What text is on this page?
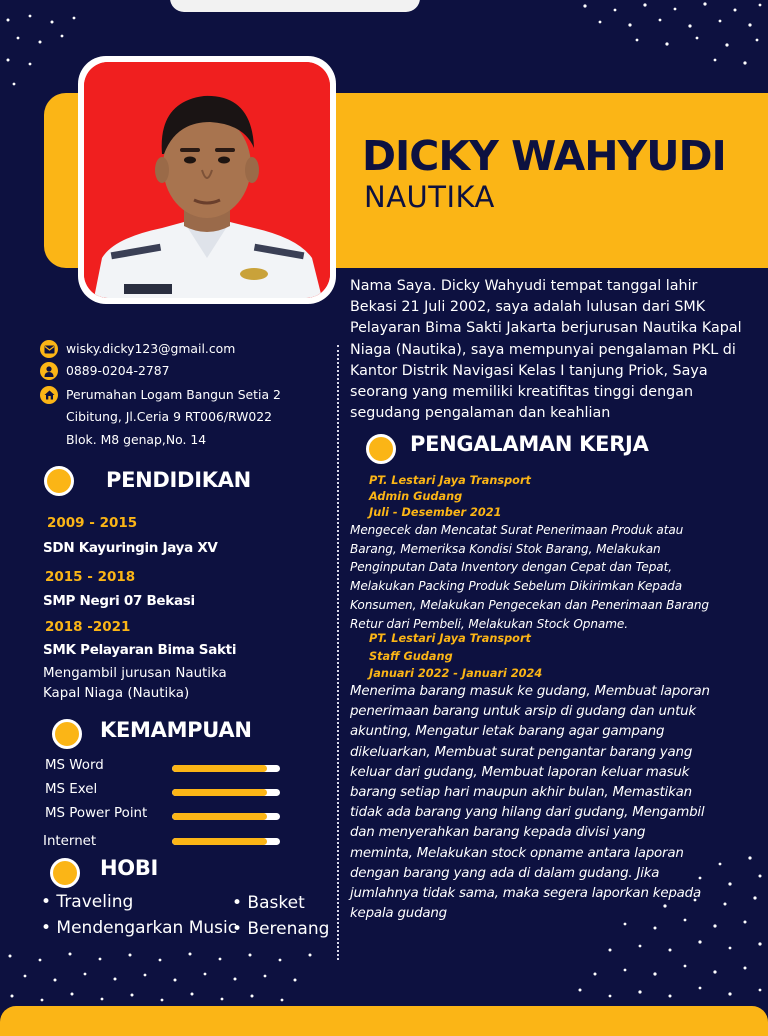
DICKY WAHYUDI
NAUTIKA
Nama Saya. Dicky Wahyudi tempat tanggal lahir Bekasi 21 Juli 2002, saya adalah lulusan dari SMK Pelayaran Bima Sakti Jakarta berjurusan Nautika Kapal Niaga (Nautika), saya mempunyai pengalaman PKL di Kantor Distrik Navigasi Kelas I tanjung Priok, Saya seorang yang memiliki kreatifitas tinggi dengan segudang pengalaman dan keahlian
wisky.dicky123@gmail.com
0889-0204-2787
Perumahan Logam Bangun Setia 2
Cibitung, Jl.Ceria 9 RT006/RW022
Blok. M8 genap,No. 14
PENDIDIKAN
2009 - 2015
SDN Kayuringin Jaya XV
2015 - 2018
SMP Negri 07 Bekasi
2018 -2021
SMK Pelayaran Bima Sakti
Mengambil jurusan Nautika Kapal Niaga (Nautika)
KEMAMPUAN
MS Word
MS Exel
MS Power Point
Internet
HOBI
• Traveling	• Basket
• Mendengarkan Music
• Berenang
PENGALAMAN KERJA
PT. Lestari Jaya Transport
Admin Gudang
Juli - Desember 2021
Mengecek dan Mencatat Surat Penerimaan Produk atau Barang, Memeriksa Kondisi Stok Barang, Melakukan Penginputan Data Inventory dengan Cepat dan Tepat, Melakukan Packing Produk Sebelum Dikirimkan Kepada Konsumen, Melakukan Pengecekan dan Penerimaan Barang Retur dari Pembeli, Melakukan Stock Opname.
PT. Lestari Jaya Transport
Staff Gudang
Januari 2022 - Januari 2024
Menerima barang masuk ke gudang, Membuat laporan penerimaan barang untuk arsip di gudang dan untuk akunting, Mengatur letak barang agar gampang dikeluarkan, Membuat surat pengantar barang yang keluar dari gudang, Membuat laporan keluar masuk barang setiap hari maupun akhir bulan, Memastikan tidak ada barang yang hilang dari gudang, Mengambil dan menyerahkan barang kepada divisi yang meminta, Melakukan stock opname antara laporan dengan barang yang ada di dalam gudang. Jika jumlahnya tidak sama, maka segera laporkan kepada kepala gudang
